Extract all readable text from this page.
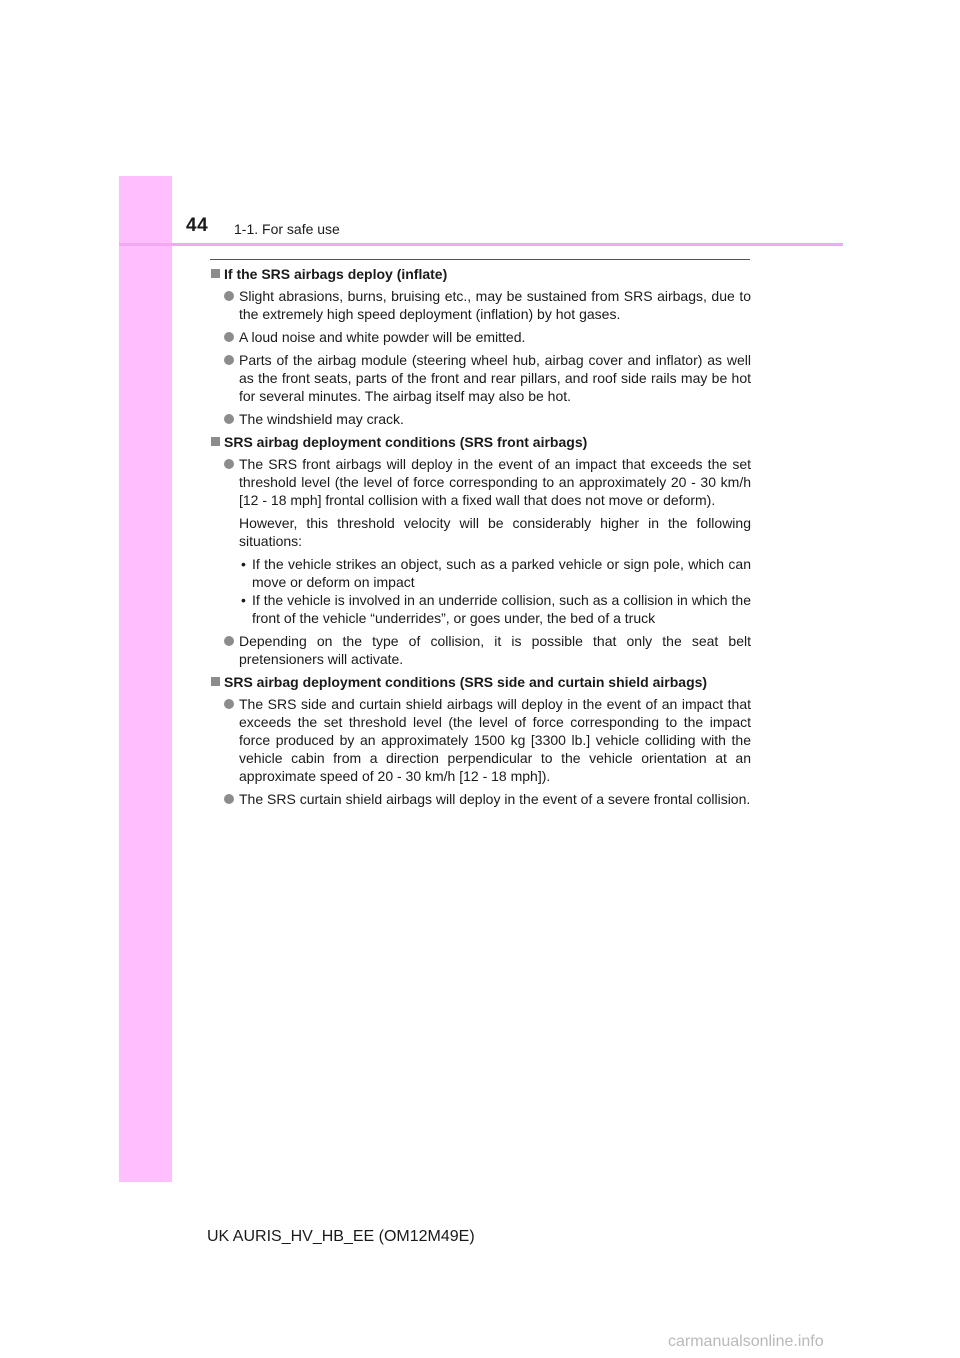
44 1-1. For safe use
If the SRS airbags deploy (inflate)
Slight abrasions, burns, bruising etc., may be sustained from SRS airbags, due to the extremely high speed deployment (inflation) by hot gases.
A loud noise and white powder will be emitted.
Parts of the airbag module (steering wheel hub, airbag cover and inflator) as well as the front seats, parts of the front and rear pillars, and roof side rails may be hot for several minutes. The airbag itself may also be hot.
The windshield may crack.
SRS airbag deployment conditions (SRS front airbags)
The SRS front airbags will deploy in the event of an impact that exceeds the set threshold level (the level of force corresponding to an approximately 20 - 30 km/h [12 - 18 mph] frontal collision with a fixed wall that does not move or deform).
However, this threshold velocity will be considerably higher in the following situations:
• If the vehicle strikes an object, such as a parked vehicle or sign pole, which can move or deform on impact
• If the vehicle is involved in an underride collision, such as a collision in which the front of the vehicle “underrides”, or goes under, the bed of a truck
Depending on the type of collision, it is possible that only the seat belt pretensioners will activate.
SRS airbag deployment conditions (SRS side and curtain shield airbags)
The SRS side and curtain shield airbags will deploy in the event of an impact that exceeds the set threshold level (the level of force corresponding to the impact force produced by an approximately 1500 kg [3300 lb.] vehicle colliding with the vehicle cabin from a direction perpendicular to the vehicle orientation at an approximate speed of 20 - 30 km/h [12 - 18 mph]).
The SRS curtain shield airbags will deploy in the event of a severe frontal collision.
UK AURIS_HV_HB_EE (OM12M49E)
carmanualsonline.info
